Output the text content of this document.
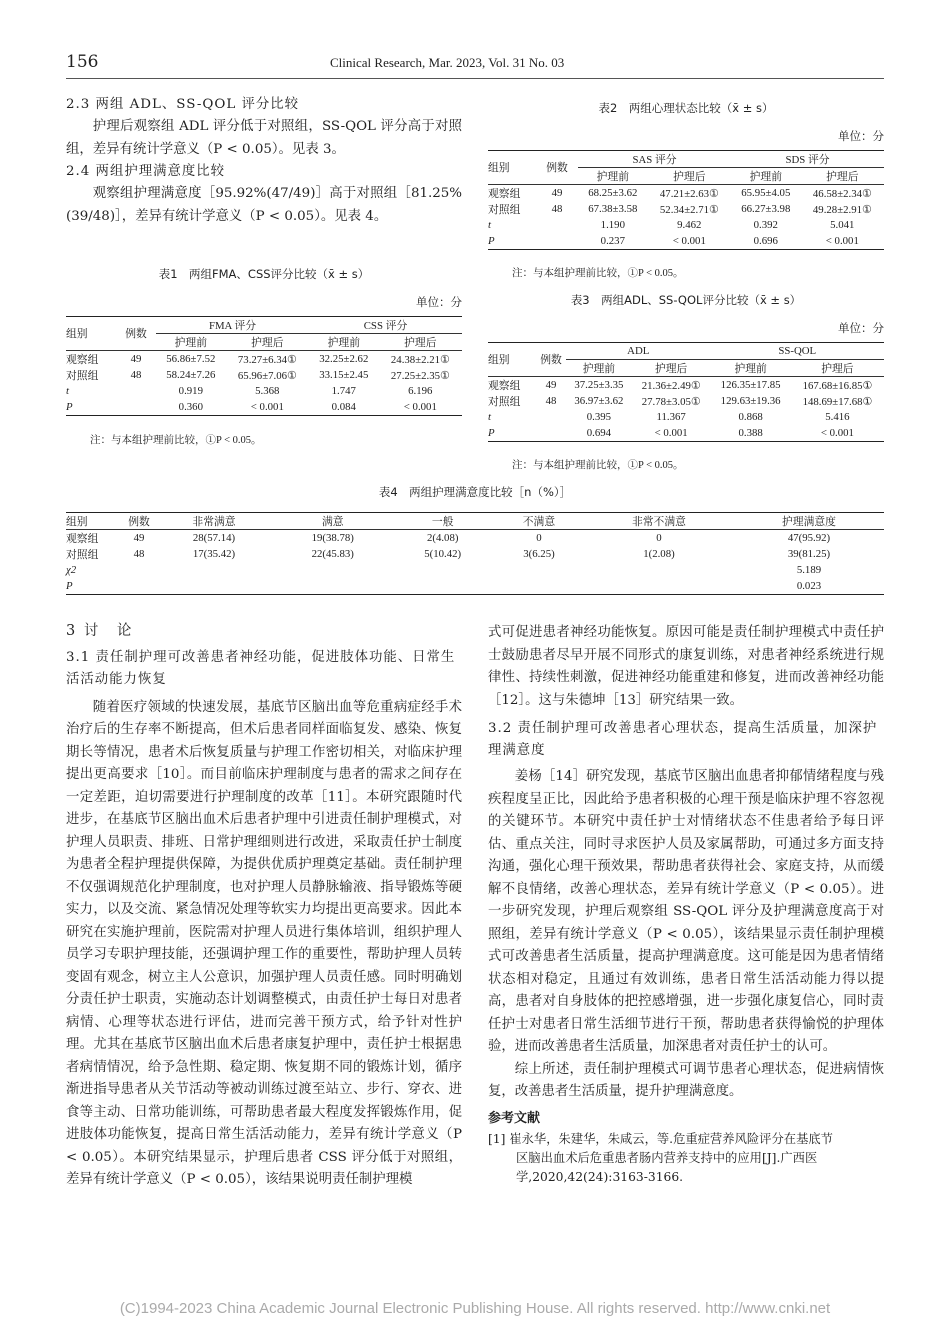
156	Clinical Research, Mar. 2023, Vol. 31 No. 03
2.3 两组 ADL、SS-QOL 评分比较

护理后观察组 ADL 评分低于对照组，SS-QOL 评分高于对照组，差异有统计学意义（P < 0.05）。见表 3。

2.4 两组护理满意度比较

观察组护理满意度［95.92%(47/49)］高于对照组［81.25%(39/48)］，差异有统计学意义（P < 0.05）。见表 4。

表1　两组FMA、CSS评分比较（x̄ ± s）
单位：分
组别	例数	FMA 评分		CSS 评分	
		护理前	护理后	护理前	护理后
观察组	49	56.86±7.52	73.27±6.34①	32.25±2.62	24.38±2.21①
对照组	48	58.24±7.26	65.96±7.06①	33.15±2.45	27.25±2.35①
t		0.919	5.368	1.747	6.196
P		0.360	< 0.001	0.084	< 0.001
注：与本组护理前比较，①P < 0.05。
表2　两组心理状态比较（x̄ ± s）
单位：分
组别	例数	SAS 评分		SDS 评分	
		护理前	护理后	护理前	护理后
观察组	49	68.25±3.62	47.21±2.63①	65.95±4.05	46.58±2.34①
对照组	48	67.38±3.58	52.34±2.71①	66.27±3.98	49.28±2.91①
t		1.190	9.462	0.392	5.041
P		0.237	< 0.001	0.696	< 0.001
注：与本组护理前比较，①P < 0.05。
表3　两组ADL、SS-QOL评分比较（x̄ ± s）
单位：分
组别	例数	ADL		SS-QOL	
		护理前	护理后	护理前	护理后
观察组	49	37.25±3.35	21.36±2.49①	126.35±17.85	167.68±16.85①
对照组	48	36.97±3.62	27.78±3.05①	129.63±19.36	148.69±17.68①
t		0.395	11.367	0.868	5.416
P		0.694	< 0.001	0.388	< 0.001
注：与本组护理前比较，①P < 0.05。
表4　两组护理满意度比较［n（%）］
组别	例数	非常满意	满意	一般	不满意	非常不满意	护理满意度
观察组	49	28(57.14)	19(38.78)	2(4.08)	0	0	47(95.92)
对照组	48	17(35.42)	22(45.83)	5(10.42)	3(6.25)	1(2.08)	39(81.25)
χ2							5.189
P							0.023
3 讨　论
3.1 责任制护理可改善患者神经功能，促进肢体功能、日常生活活动能力恢复

随着医疗领域的快速发展，基底节区脑出血等危重病症经手术治疗后的生存率不断提高，但术后患者同样面临复发、感染、恢复期长等情况，患者术后恢复质量与护理工作密切相关，对临床护理提出更高要求［10］。而目前临床护理制度与患者的需求之间存在一定差距，迫切需要进行护理制度的改革［11］。本研究跟随时代进步，在基底节区脑出血术后患者护理中引进责任制护理模式，对护理人员职责、排班、日常护理细则进行改进，采取责任护士制度为患者全程护理提供保障，为提供优质护理奠定基础。责任制护理不仅强调规范化护理制度，也对护理人员静脉输液、指导锻炼等硬实力，以及交流、紧急情况处理等软实力均提出更高要求。因此本研究在实施护理前，医院需对护理人员进行集体培训，组织护理人员学习专职护理技能，还强调护理工作的重要性，帮助护理人员转变固有观念，树立主人公意识，加强护理人员责任感。同时明确划分责任护士职责，实施动态计划调整模式，由责任护士每日对患者病情、心理等状态进行评估，进而完善干预方式，给予针对性护理。尤其在基底节区脑出血术后患者康复护理中，责任护士根据患者病情情况，给予急性期、稳定期、恢复期不同的锻炼计划，循序渐进指导患者从关节活动等被动训练过渡至站立、步行、穿衣、进食等主动、日常功能训练，可帮助患者最大程度发挥锻炼作用，促进肢体功能恢复，提高日常生活活动能力，差异有统计学意义（P < 0.05）。本研究结果显示，护理后患者 CSS 评分低于对照组，差异有统计学意义（P < 0.05），该结果说明责任制护理模

式可促进患者神经功能恢复。原因可能是责任制护理模式中责任护士鼓励患者尽早开展不同形式的康复训练，对患者神经系统进行规律性、持续性刺激，促进神经功能重建和修复，进而改善神经功能［12］。这与朱德坤［13］研究结果一致。

3.2 责任制护理可改善患者心理状态，提高生活质量，加深护理满意度

姜杨［14］研究发现，基底节区脑出血患者抑郁情绪程度与残疾程度呈正比，因此给予患者积极的心理干预是临床护理不容忽视的关键环节。本研究中责任护士对情绪状态不佳患者给予每日评估、重点关注，同时寻求医护人员及家属帮助，可通过多方面支持沟通，强化心理干预效果，帮助患者获得社会、家庭支持，从而缓解不良情绪，改善心理状态，差异有统计学意义（P < 0.05）。进一步研究发现，护理后观察组 SS-QOL 评分及护理满意度高于对照组，差异有统计学意义（P < 0.05），该结果显示责任制护理模式可改善患者生活质量，提高护理满意度。这可能是因为患者情绪状态相对稳定，且通过有效训练，患者日常生活活动能力得以提高，患者对自身肢体的把控感增强，进一步强化康复信心，同时责任护士对患者日常生活细节进行干预，帮助患者获得愉悦的护理体验，进而改善患者生活质量，加深患者对责任护士的认可。

综上所述，责任制护理模式可调节患者心理状态，促进病情恢复，改善患者生活质量，提升护理满意度。

参考文献
[1] 崔永华，朱建华，朱咸云，等.危重症营养风险评分在基底节
区脑出血术后危重患者肠内营养支持中的应用[J].广西医
学,2020,42(24):3163-3166.
(C)1994-2023 China Academic Journal Electronic Publishing House. All rights reserved. http://www.cnki.net
